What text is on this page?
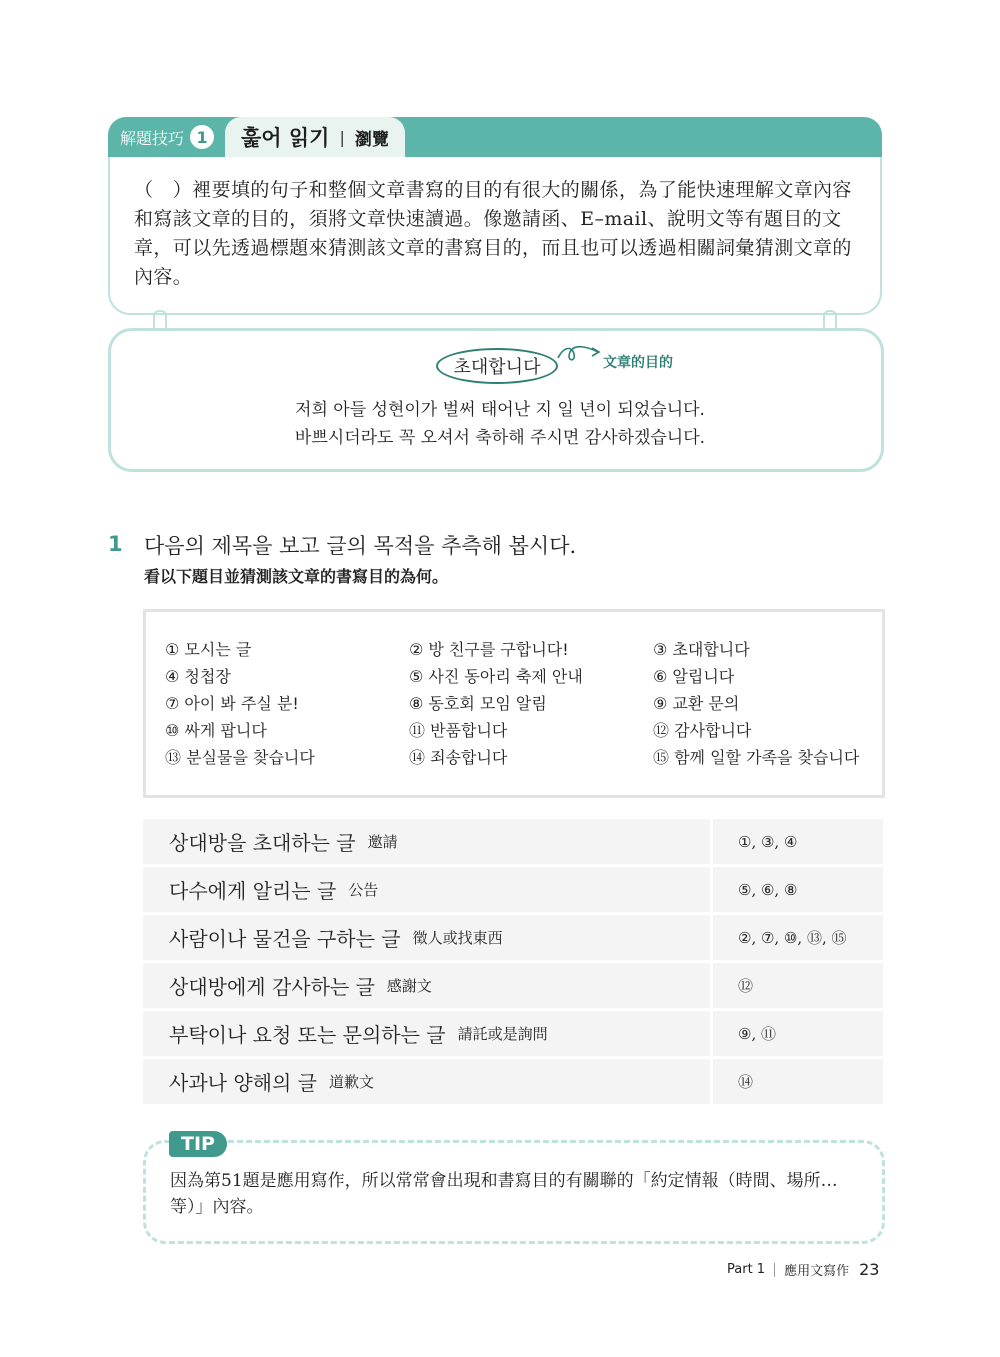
解題技巧 1	훑어 읽기 | 瀏覽
（　）裡要填的句子和整個文章書寫的目的有很大的關係，為了能快速理解文章內容和寫該文章的目的，須將文章快速讀過。像邀請函、E–mail、說明文等有題目的文章，可以先透過標題來猜測該文章的書寫目的，而且也可以透過相關詞彙猜測文章的內容。
초대합니다	文章的目的
저희 아들 성현이가 벌써 태어난 지 일 년이 되었습니다.
바쁘시더라도 꼭 오셔서 축하해 주시면 감사하겠습니다.
1 다음의 제목을 보고 글의 목적을 추측해 봅시다.
看以下題目並猜測該文章的書寫目的為何。
① 모시는 글	② 방 친구를 구합니다!	③ 초대합니다
④ 청첩장	⑤ 사진 동아리 축제 안내	⑥ 알립니다
⑦ 아이 봐 주실 분!	⑧ 동호회 모임 알림	⑨ 교환 문의
⑩ 싸게 팝니다	⑪ 반품합니다	⑫ 감사합니다
⑬ 분실물을 찾습니다	⑭ 죄송합니다	⑮ 함께 일할 가족을 찾습니다
상대방을 초대하는 글 邀請	①, ③, ④
다수에게 알리는 글 公告	⑤, ⑥, ⑧
사람이나 물건을 구하는 글 徵人或找東西	②, ⑦, ⑩, ⑬, ⑮
상대방에게 감사하는 글 感謝文	⑫
부탁이나 요청 또는 문의하는 글 請託或是詢問	⑨, ⑪
사과나 양해의 글 道歉文	⑭
TIP
因為第51題是應用寫作，所以常常會出現和書寫目的有關聯的「約定情報（時間、場所…等）」內容。
Part 1 應用文寫作 23
